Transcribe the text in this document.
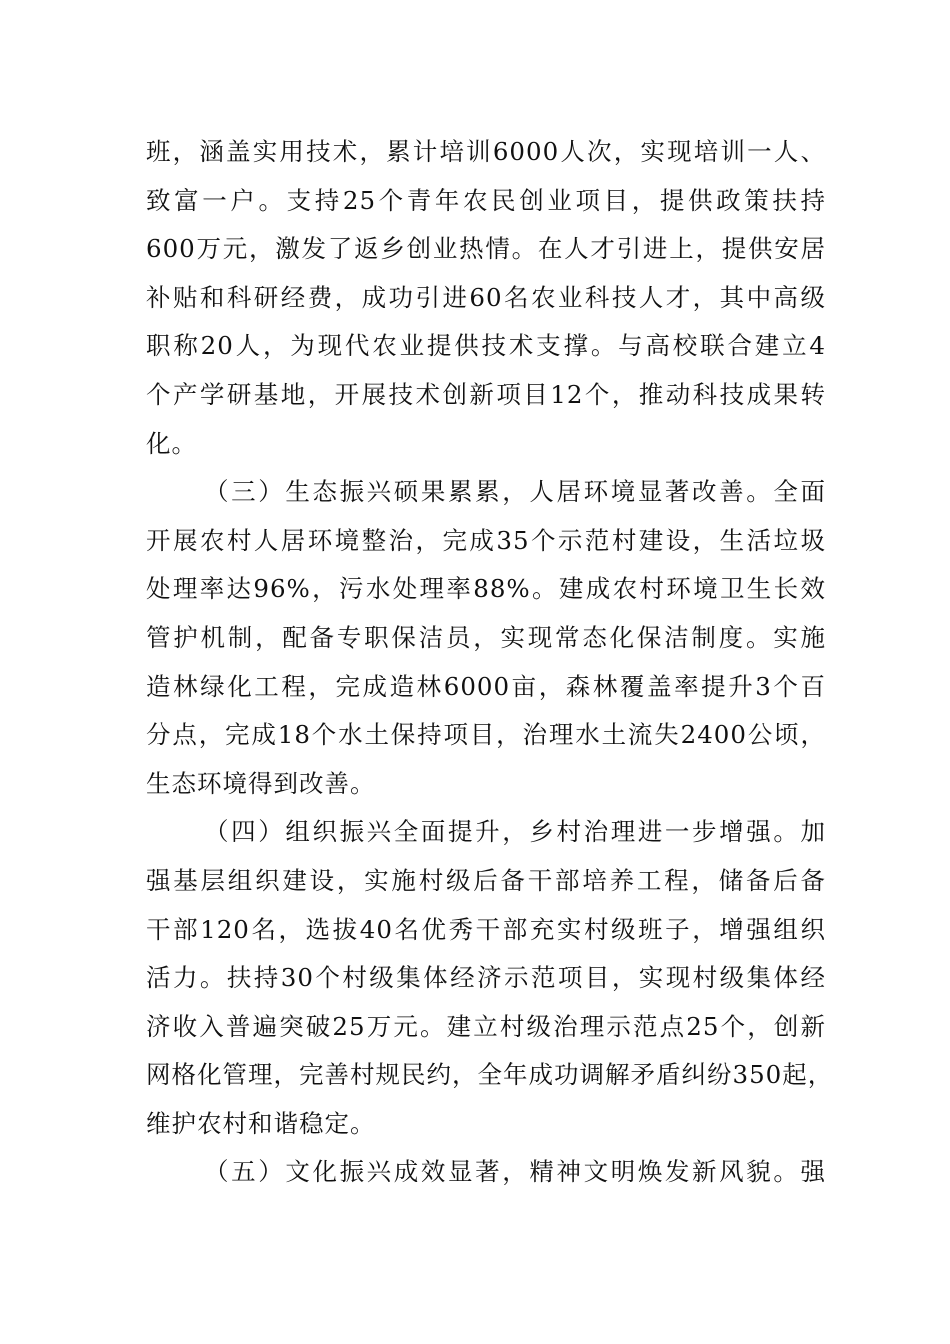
班，涵盖实用技术，累计培训6000人次，实现培训一人、
致富一户。支持25个青年农民创业项目，提供政策扶持
600万元，激发了返乡创业热情。在人才引进上，提供安居
补贴和科研经费，成功引进60名农业科技人才，其中高级
职称20人，为现代农业提供技术支撑。与高校联合建立4
个产学研基地，开展技术创新项目12个，推动科技成果转
化。
（三）生态振兴硕果累累，人居环境显著改善。全面
开展农村人居环境整治，完成35个示范村建设，生活垃圾
处理率达96%，污水处理率88%。建成农村环境卫生长效
管护机制，配备专职保洁员，实现常态化保洁制度。实施
造林绿化工程，完成造林6000亩，森林覆盖率提升3个百
分点，完成18个水土保持项目，治理水土流失2400公顷，
生态环境得到改善。
（四）组织振兴全面提升，乡村治理进一步增强。加
强基层组织建设，实施村级后备干部培养工程，储备后备
干部120名，选拔40名优秀干部充实村级班子，增强组织
活力。扶持30个村级集体经济示范项目，实现村级集体经
济收入普遍突破25万元。建立村级治理示范点25个，创新
网格化管理，完善村规民约，全年成功调解矛盾纠纷350起，
维护农村和谐稳定。
（五）文化振兴成效显著，精神文明焕发新风貌。强
